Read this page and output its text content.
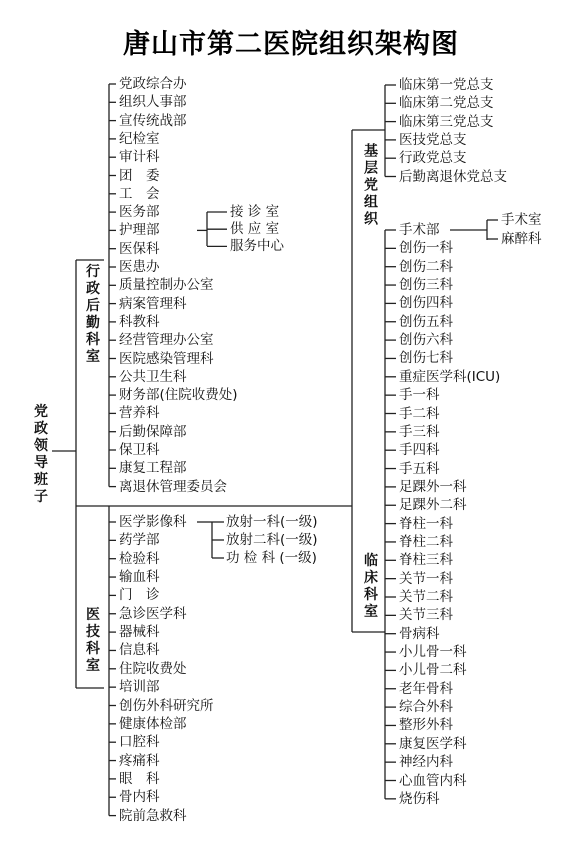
唐山市第二医院组织架构图
党政领导班子
行政后勤科室
党政综合办
组织人事部
宣传统战部
纪检室
审计科
团　委
工　会
医务部
护理部
医保科
医患办
质量控制办公室
病案管理科
科教科
经营管理办公室
医院感染管理科
公共卫生科
财务部(住院收费处)
营养科
后勤保障部
保卫科
康复工程部
离退休管理委员会
接 诊 室
供 应 室
服务中心
医技科室
医学影像科
药学部
检验科
输血科
门　诊
急诊医学科
器械科
信息科
住院收费处
培训部
创伤外科研究所
健康体检部
口腔科
疼痛科
眼　科
骨内科
院前急救科
放射一科(一级)
放射二科(一级)
功 检 科 (一级)
基层党组织
临床第一党总支
临床第二党总支
临床第三党总支
医技党总支
行政党总支
后勤离退休党总支
临床科室
手术部
创伤一科
创伤二科
创伤三科
创伤四科
创伤五科
创伤六科
创伤七科
重症医学科(ICU)
手一科
手二科
手三科
手四科
手五科
足踝外一科
足踝外二科
脊柱一科
脊柱二科
脊柱三科
关节一科
关节二科
关节三科
骨病科
小儿骨一科
小儿骨二科
老年骨科
综合外科
整形外科
康复医学科
神经内科
心血管内科
烧伤科
手术室
麻醉科
